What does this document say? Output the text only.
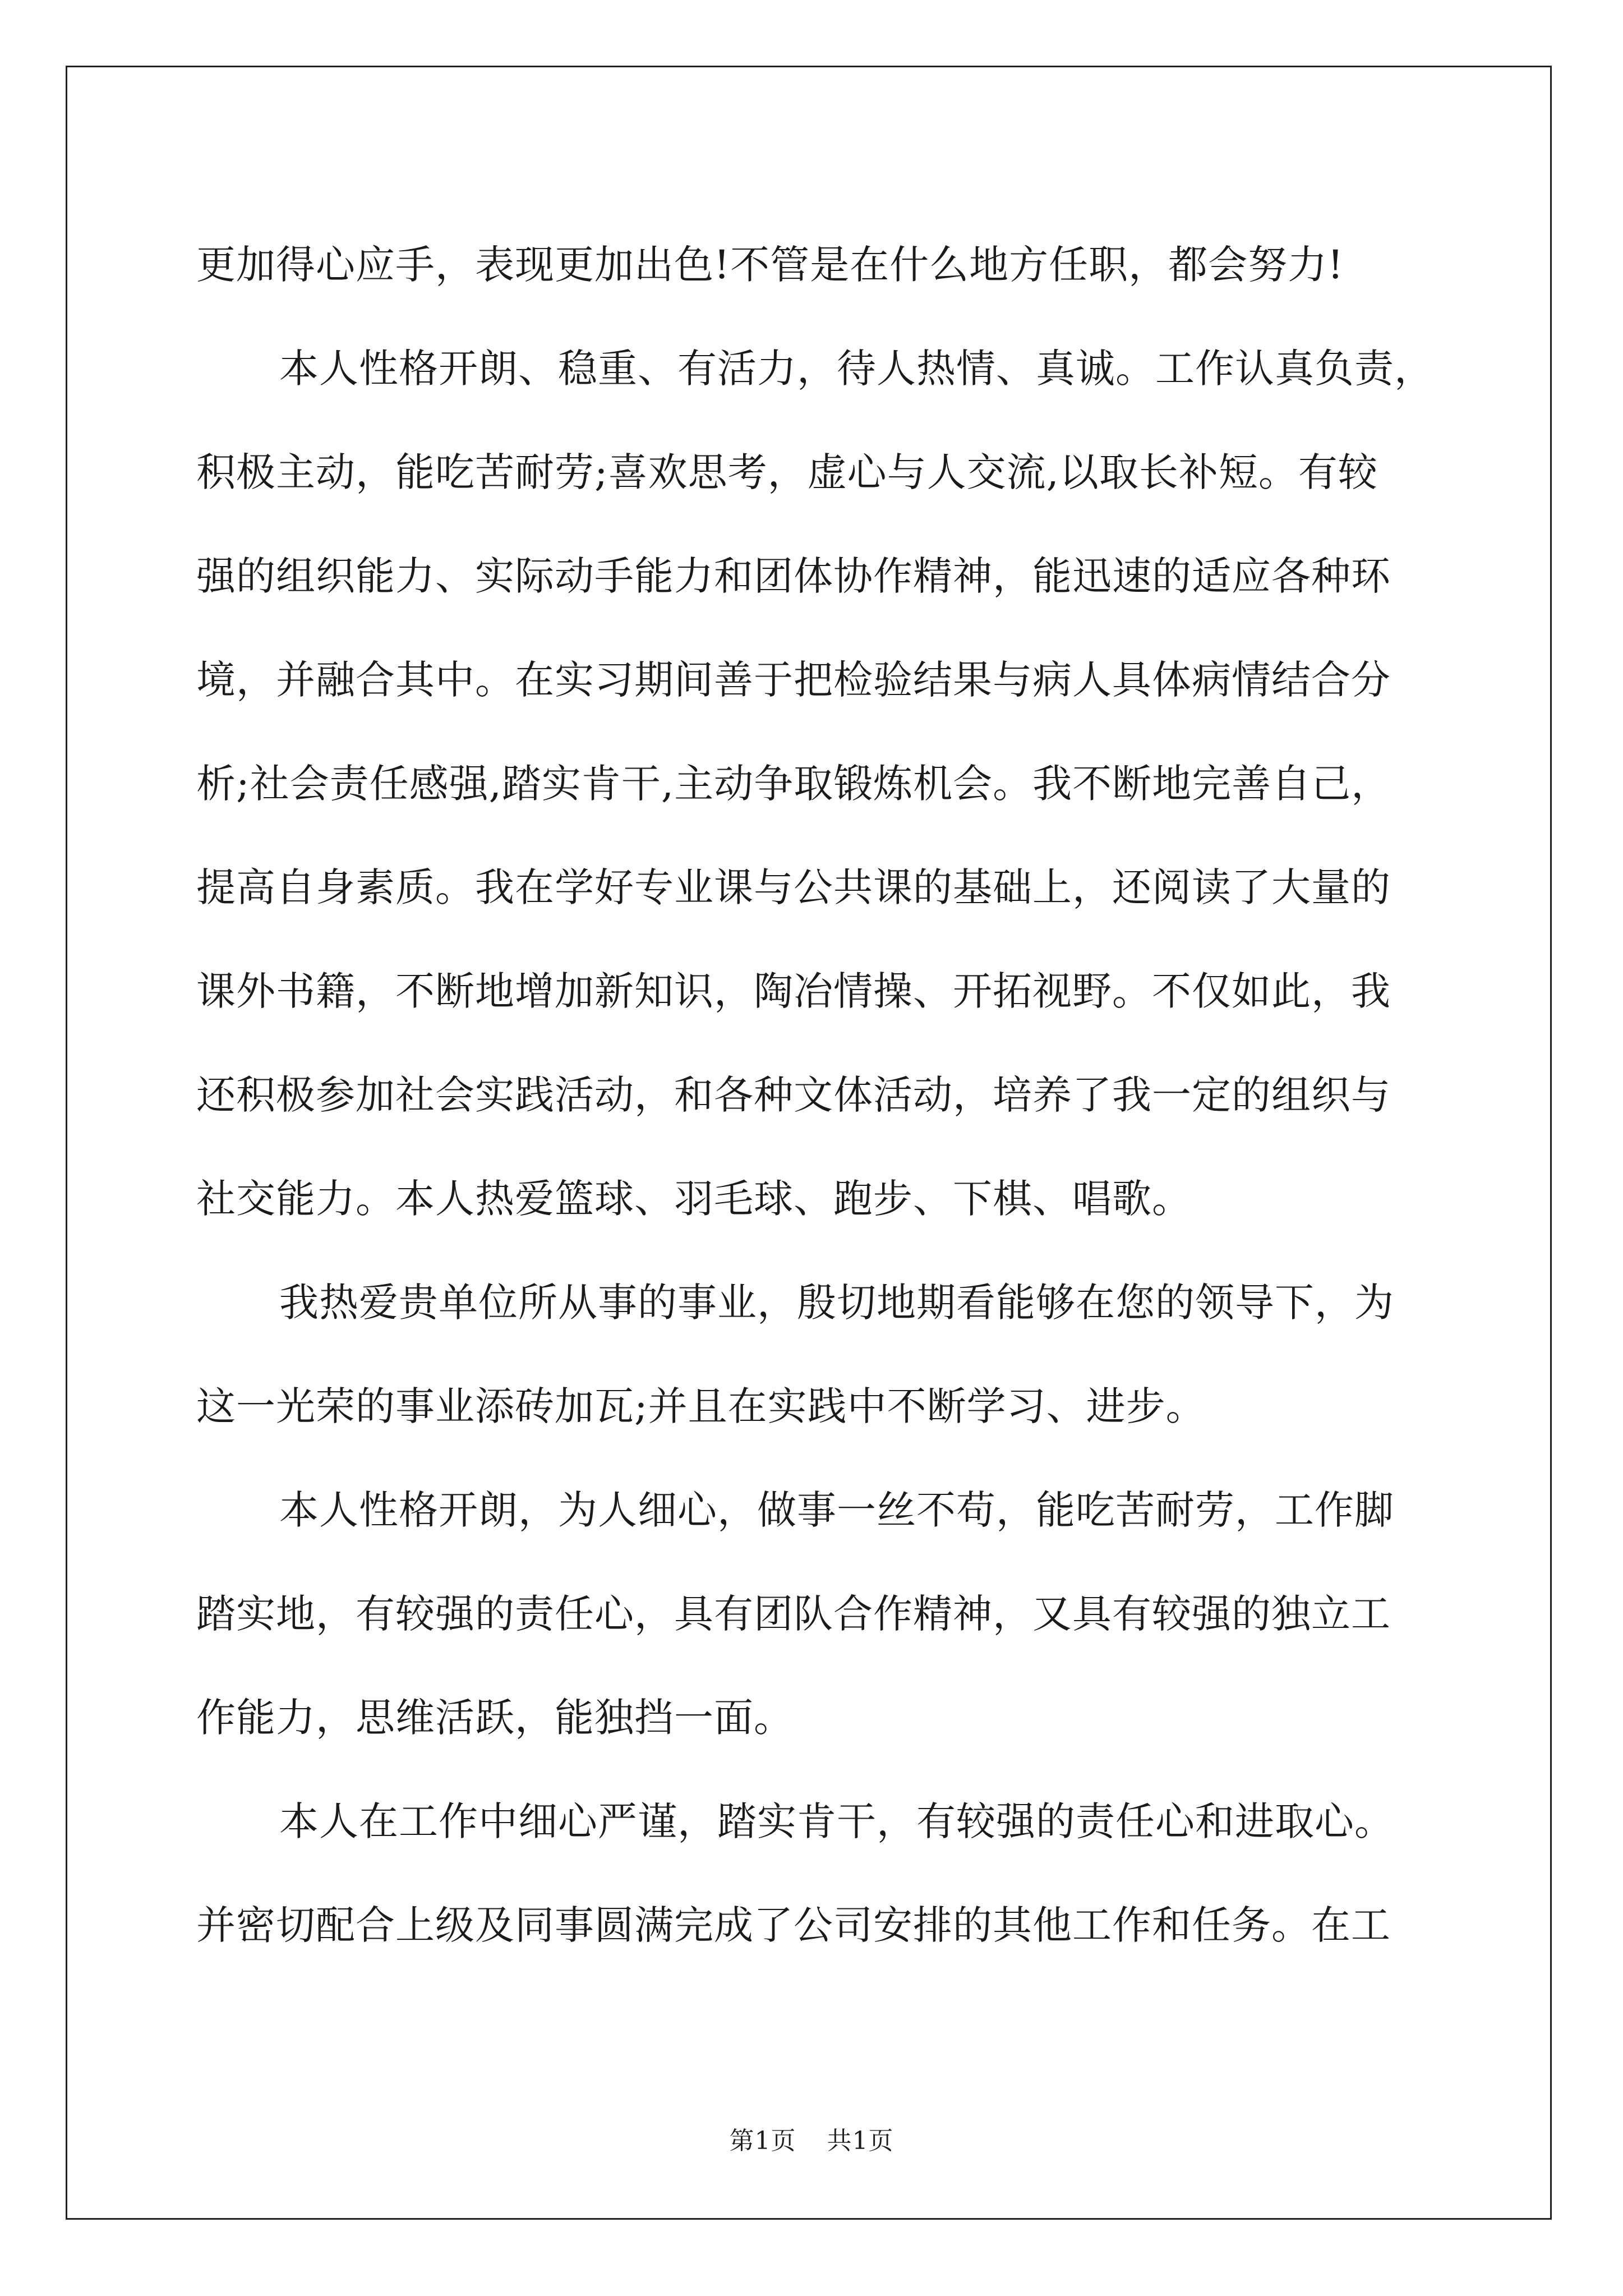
更加得心应手，表现更加出色!不管是在什么地方任职，都会努力!
本人性格开朗、稳重、有活力，待人热情、真诚。工作认真负责，
积极主动，能吃苦耐劳;喜欢思考，虚心与人交流,以取长补短。有较
强的组织能力、实际动手能力和团体协作精神，能迅速的适应各种环
境，并融合其中。在实习期间善于把检验结果与病人具体病情结合分
析;社会责任感强,踏实肯干,主动争取锻炼机会。我不断地完善自己，
提高自身素质。我在学好专业课与公共课的基础上，还阅读了大量的
课外书籍，不断地增加新知识，陶冶情操、开拓视野。不仅如此，我
还积极参加社会实践活动，和各种文体活动，培养了我一定的组织与
社交能力。本人热爱篮球、羽毛球、跑步、下棋、唱歌。
我热爱贵单位所从事的事业，殷切地期看能够在您的领导下，为
这一光荣的事业添砖加瓦;并且在实践中不断学习、进步。
本人性格开朗，为人细心，做事一丝不苟，能吃苦耐劳，工作脚
踏实地，有较强的责任心，具有团队合作精神，又具有较强的独立工
作能力，思维活跃，能独挡一面。
本人在工作中细心严谨，踏实肯干，有较强的责任心和进取心。
并密切配合上级及同事圆满完成了公司安排的其他工作和任务。在工
第1页 共1页
